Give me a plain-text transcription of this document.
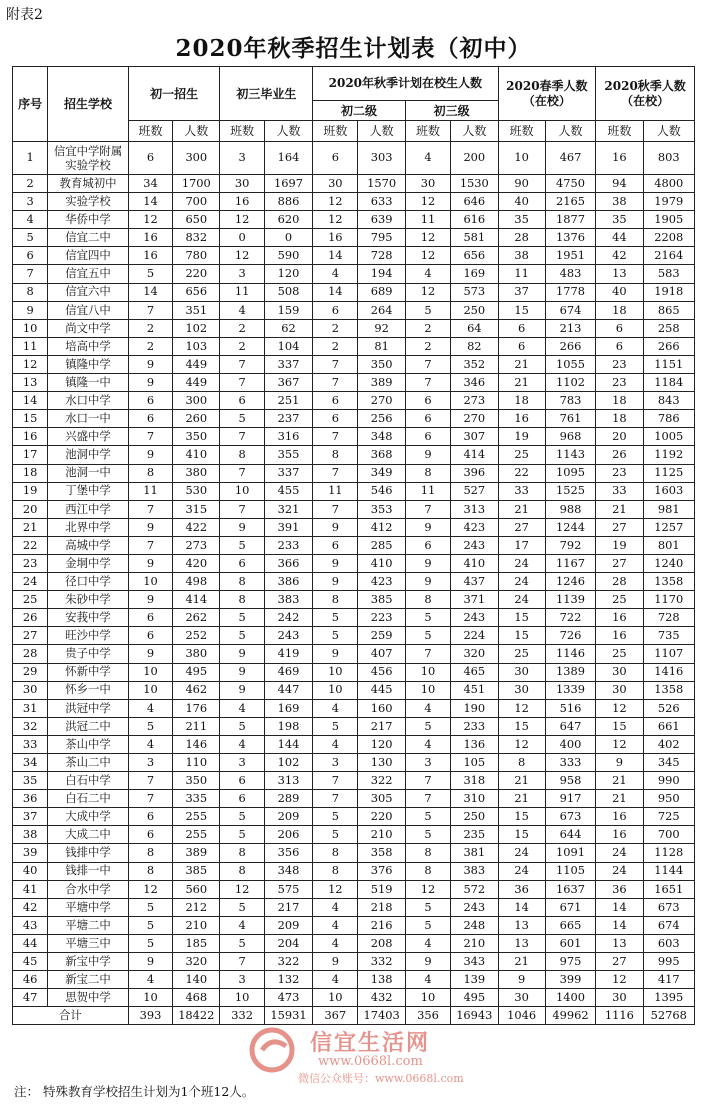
附表2
2020年秋季招生计划表（初中）
序号	招生学校	初一招生		初三毕业生		2020年秋季计划在校生人数				2020春季人数（在校）		2020秋季人数（在校）	
						初二级		初三级					
		班数	人数	班数	人数	班数	人数	班数	人数	班数	人数	班数	人数
1	信宜中学附属实验学校	6	300	3	164	6	303	4	200	10	467	16	803
2	教育城初中	34	1700	30	1697	30	1570	30	1530	90	4750	94	4800
3	实验学校	14	700	16	886	12	633	12	646	40	2165	38	1979
4	华侨中学	12	650	12	620	12	639	11	616	35	1877	35	1905
5	信宜二中	16	832	0	0	16	795	12	581	28	1376	44	2208
6	信宜四中	16	780	12	590	14	728	12	656	38	1951	42	2164
7	信宜五中	5	220	3	120	4	194	4	169	11	483	13	583
8	信宜六中	14	656	11	508	14	689	12	573	37	1778	40	1918
9	信宜八中	7	351	4	159	6	264	5	250	15	674	18	865
10	尚文中学	2	102	2	62	2	92	2	64	6	213	6	258
11	培高中学	2	103	2	104	2	81	2	82	6	266	6	266
12	镇隆中学	9	449	7	337	7	350	7	352	21	1055	23	1151
13	镇隆一中	9	449	7	367	7	389	7	346	21	1102	23	1184
14	水口中学	6	300	6	251	6	270	6	273	18	783	18	843
15	水口一中	6	260	5	237	6	256	6	270	16	761	18	786
16	兴盛中学	7	350	7	316	7	348	6	307	19	968	20	1005
17	池洞中学	9	410	8	355	8	368	9	414	25	1143	26	1192
18	池洞一中	8	380	7	337	7	349	8	396	22	1095	23	1125
19	丁堡中学	11	530	10	455	11	546	11	527	33	1525	33	1603
20	西江中学	7	315	7	321	7	353	7	313	21	988	21	981
21	北界中学	9	422	9	391	9	412	9	423	27	1244	27	1257
22	高城中学	7	273	5	233	6	285	6	243	17	792	19	801
23	金垌中学	9	420	6	366	9	410	9	410	24	1167	27	1240
24	径口中学	10	498	8	386	9	423	9	437	24	1246	28	1358
25	朱砂中学	9	414	8	383	8	385	8	371	24	1139	25	1170
26	安莪中学	6	262	5	242	5	223	5	243	15	722	16	728
27	旺沙中学	6	252	5	243	5	259	5	224	15	726	16	735
28	贵子中学	9	380	9	419	9	407	7	320	25	1146	25	1107
29	怀新中学	10	495	9	469	10	456	10	465	30	1389	30	1416
30	怀乡一中	10	462	9	447	10	445	10	451	30	1339	30	1358
31	洪冠中学	4	176	4	169	4	160	4	190	12	516	12	526
32	洪冠二中	5	211	5	198	5	217	5	233	15	647	15	661
33	茶山中学	4	146	4	144	4	120	4	136	12	400	12	402
34	茶山二中	3	110	3	102	3	130	3	105	8	333	9	345
35	白石中学	7	350	6	313	7	322	7	318	21	958	21	990
36	白石二中	7	335	6	289	7	305	7	310	21	917	21	950
37	大成中学	6	255	5	209	5	220	5	250	15	673	16	725
38	大成二中	6	255	5	206	5	210	5	235	15	644	16	700
39	钱排中学	8	389	8	356	8	358	8	381	24	1091	24	1128
40	钱排一中	8	385	8	348	8	376	8	383	24	1105	24	1144
41	合水中学	12	560	12	575	12	519	12	572	36	1637	36	1651
42	平塘中学	5	212	5	217	4	218	5	243	14	671	14	673
43	平塘二中	5	210	4	209	4	216	5	248	13	665	14	674
44	平塘三中	5	185	5	204	4	208	4	210	13	601	13	603
45	新宝中学	9	320	7	322	9	332	9	343	21	975	27	995
46	新宝二中	4	140	3	132	4	138	4	139	9	399	12	417
47	思贺中学	10	468	10	473	10	432	10	495	30	1400	30	1395
合计		393	18422	332	15931	367	17403	356	16943	1046	49962	1116	52768
注： 特殊教育学校招生计划为1个班12人。
信宜生活网
www.0668l.com
微信公众账号：www.0668l.com
